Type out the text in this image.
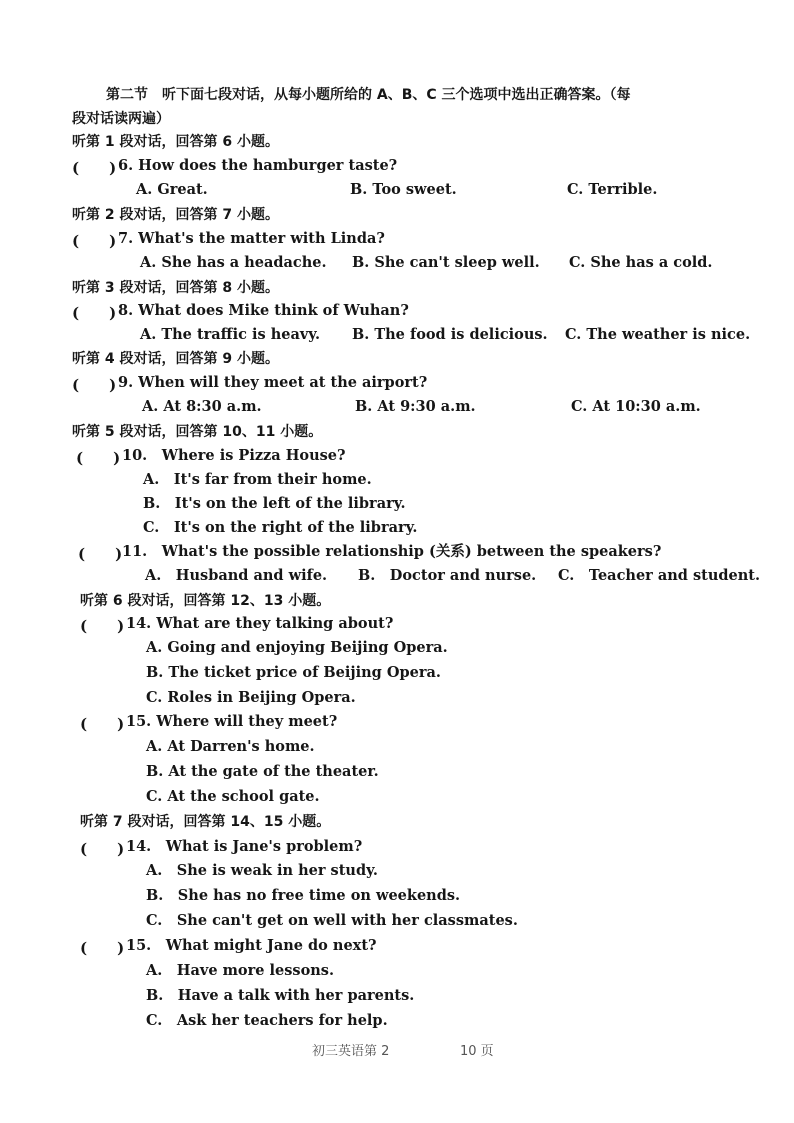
第二节　听下面七段对话，从每小题所给的 A、B、C 三个选项中选出正确答案。（每
段对话读两遍）
听第 1 段对话，回答第 6 小题。
(　　) 6. How does the hamburger taste?
A. Great.	B. Too sweet.	C. Terrible.
听第 2 段对话，回答第 7 小题。
(　　) 7. What's the matter with Linda?
A. She has a headache. B. She can't sleep well. C. She has a cold.
听第 3 段对话，回答第 8 小题。
(　　) 8. What does Mike think of Wuhan?
A. The traffic is heavy. B. The food is delicious. C. The weather is nice.
听第 4 段对话，回答第 9 小题。
(　　) 9. When will they meet at the airport?
A. At 8:30 a.m.	B. At 9:30 a.m.	C. At 10:30 a.m.
听第 5 段对话，回答第 10、11 小题。
(　　) 10.　Where is Pizza House?
A.　It's far from their home.
B.　It's on the left of the library.
C.　It's on the right of the library.
(　　) 11.　What's the possible relationship (关系) between the speakers?
A.　Husband and wife. B.　Doctor and nurse. C.　Teacher and student.
听第 6 段对话，回答第 12、13 小题。
(　　) 14. What are they talking about?
A. Going and enjoying Beijing Opera.
B. The ticket price of Beijing Opera.
C. Roles in Beijing Opera.
(　　) 15. Where will they meet?
A. At Darren's home.
B. At the gate of the theater.
C. At the school gate.
听第 7 段对话，回答第 14、15 小题。
(　　) 14.　What is Jane's problem?
A.　She is weak in her study.
B.　She has no free time on weekends.
C.　She can't get on well with her classmates.
(　　) 15.　What might Jane do next?
A.　Have more lessons.
B.　Have a talk with her parents.
C.　Ask her teachers for help.
初三英语第 2	10 页
